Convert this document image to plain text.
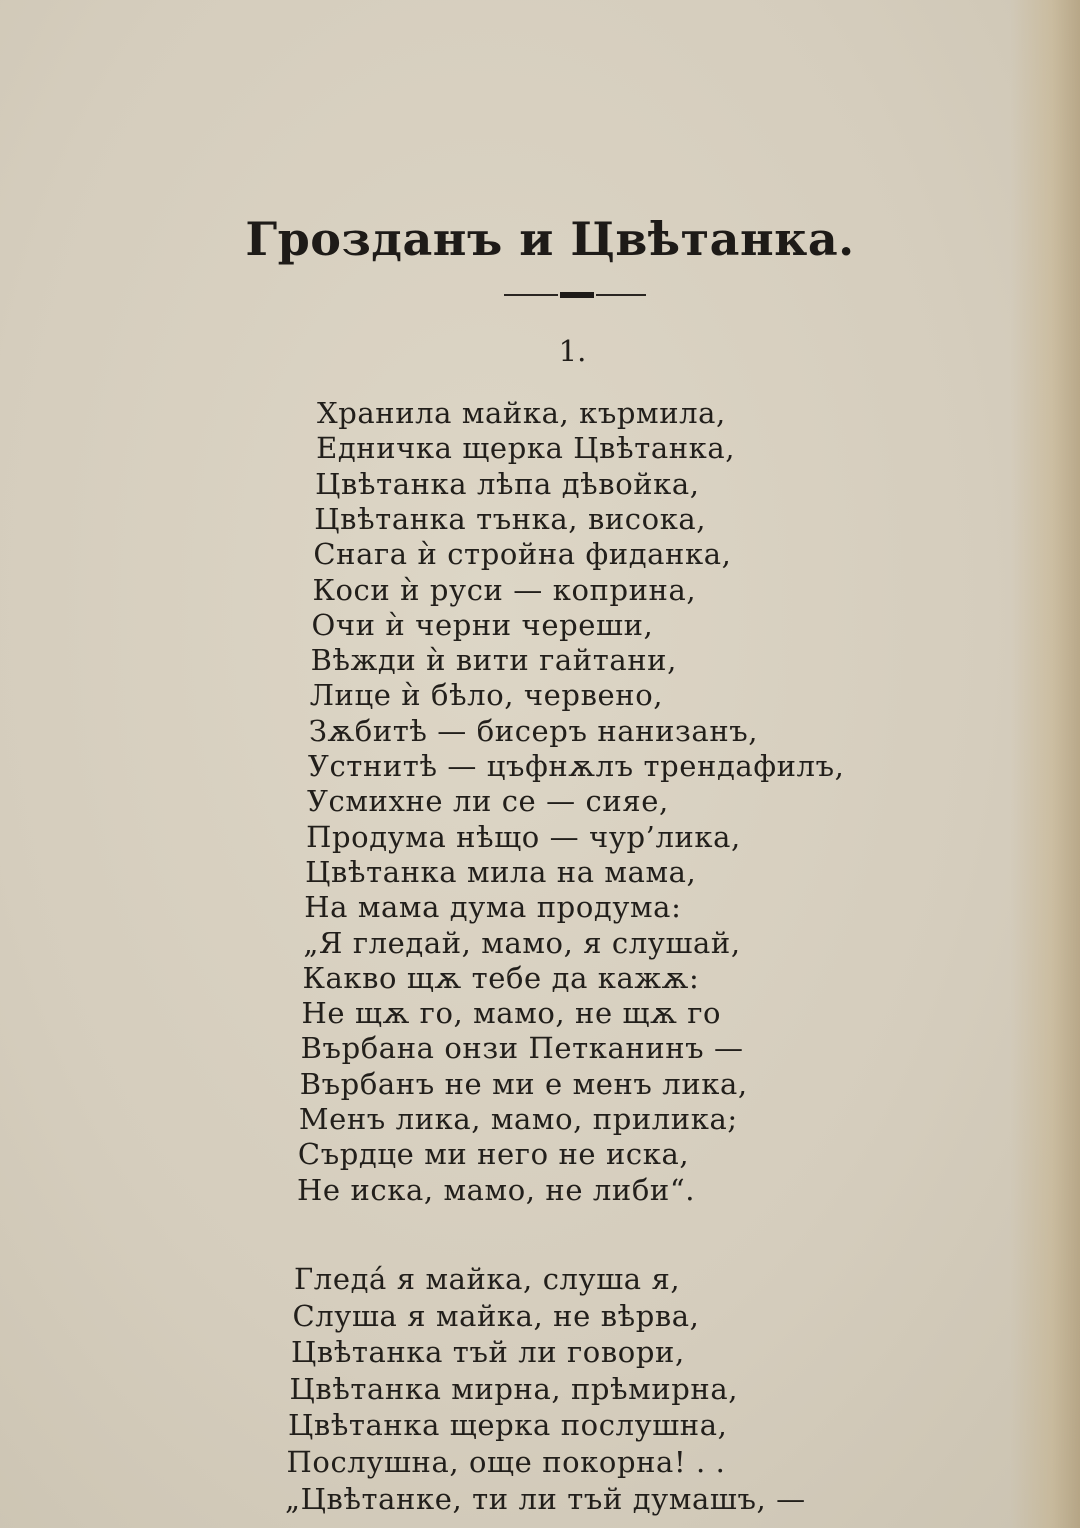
Грозданъ и Цвѣтанка.
1.
Хранила майка, кърмила,
Едничка щерка Цвѣтанка,
Цвѣтанка лѣпа дѣвойка,
Цвѣтанка тънка, висока,
Снага ѝ стройна фиданка,
Коси ѝ руси — коприна,
Очи ѝ черни череши,
Вѣжди ѝ вити гайтани,
Лице ѝ бѣло, червено,
Зѫбитѣ — бисеръ нанизанъ,
Устнитѣ — цъфнѫлъ трендафилъ,
Усмихне ли се — сияе,
Продума нѣщо — чур’лика,
Цвѣтанка мила на мама,
На мама дума продума:
„Я гледай, мамо, я слушай,
Какво щѫ тебе да кажѫ:
Не щѫ го, мамо, не щѫ го
Върбана онзи Петканинъ —
Върбанъ не ми е менъ лика,
Менъ лика, мамо, прилика;
Сърдце ми него не иска,
Не иска, мамо, не либи“.
Гледа́ я майка, слуша я,
Слуша я майка, не вѣрва,
Цвѣтанка тъй ли говори,
Цвѣтанка мирна, прѣмирна,
Цвѣтанка щерка послушна,
Послушна, още покорна! . .
„Цвѣтанке, ти ли тъй думашъ, —
